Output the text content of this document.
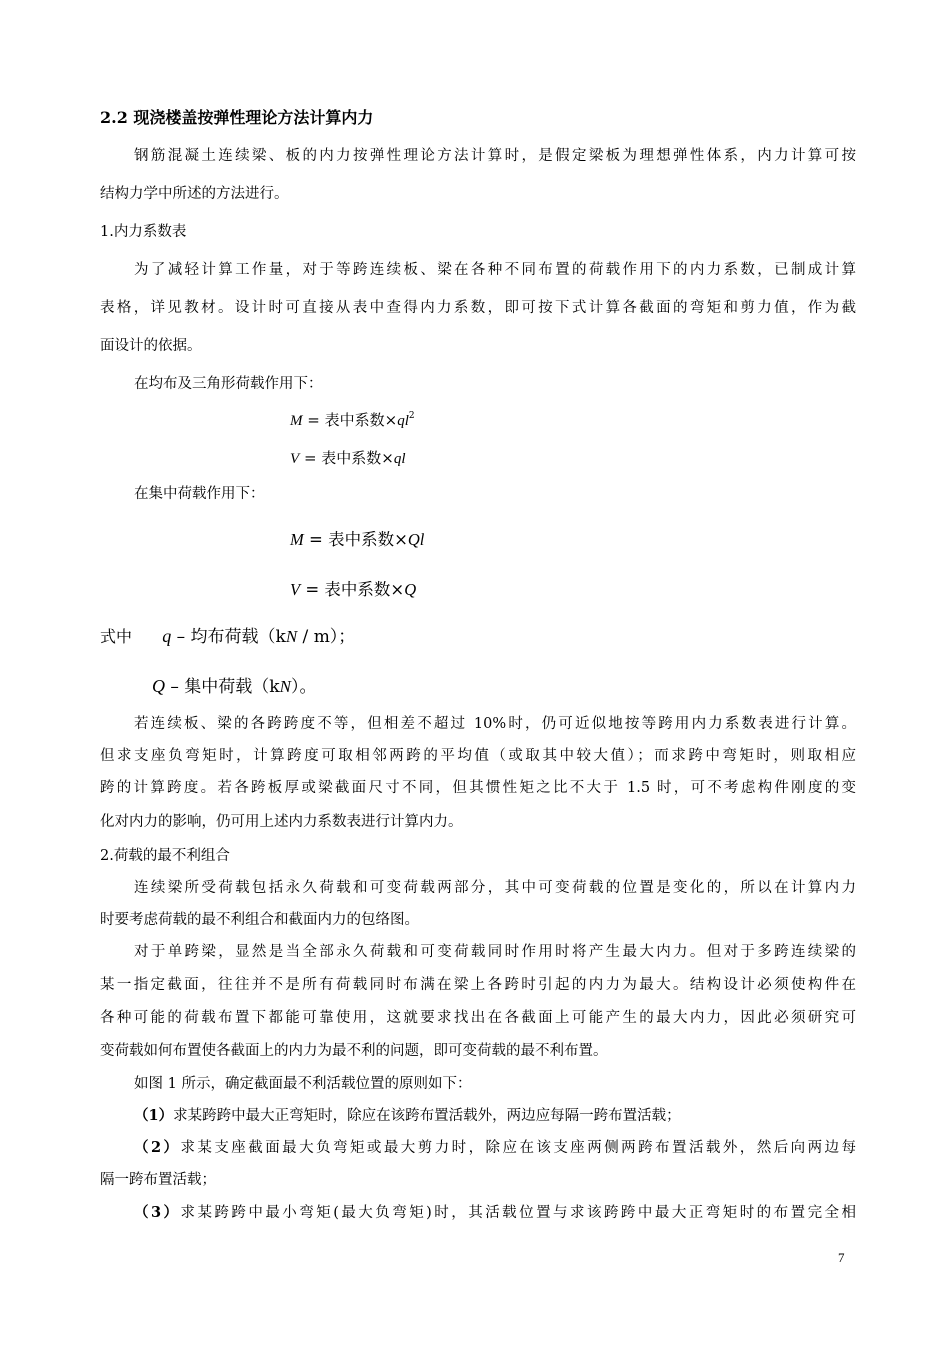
2.2 现浇楼盖按弹性理论方法计算内力
钢筋混凝土连续梁、板的内力按弹性理论方法计算时，是假定梁板为理想弹性体系，内力计算可按
结构力学中所述的方法进行。
1.内力系数表
为了减轻计算工作量，对于等跨连续板、梁在各种不同布置的荷载作用下的内力系数，已制成计算
表格，详见教材。设计时可直接从表中查得内力系数，即可按下式计算各截面的弯矩和剪力值，作为截
面设计的依据。
在均布及三角形荷载作用下：
M = 表中系数$\times ql^2$
V = 表中系数×ql
在集中荷载作用下：
M = 表中系数×Ql
V = 表中系数×Q
式中 q – 均布荷载（kN / m）；
Q – 集中荷载（kN）。
若连续板、梁的各跨跨度不等，但相差不超过 10%时，仍可近似地按等跨用内力系数表进行计算。
但求支座负弯矩时，计算跨度可取相邻两跨的平均值（或取其中较大值）；而求跨中弯矩时，则取相应
跨的计算跨度。若各跨板厚或梁截面尺寸不同，但其惯性矩之比不大于 1.5 时，可不考虑构件刚度的变
化对内力的影响，仍可用上述内力系数表进行计算内力。
2.荷载的最不利组合
连续梁所受荷载包括永久荷载和可变荷载两部分，其中可变荷载的位置是变化的，所以在计算内力
时要考虑荷载的最不利组合和截面内力的包络图。
对于单跨梁，显然是当全部永久荷载和可变荷载同时作用时将产生最大内力。但对于多跨连续梁的
某一指定截面，往往并不是所有荷载同时布满在梁上各跨时引起的内力为最大。结构设计必须使构件在
各种可能的荷载布置下都能可靠使用，这就要求找出在各截面上可能产生的最大内力，因此必须研究可
变荷载如何布置使各截面上的内力为最不利的问题，即可变荷载的最不利布置。
如图 1 所示，确定截面最不利活载位置的原则如下：
（1）求某跨跨中最大正弯矩时，除应在该跨布置活载外，两边应每隔一跨布置活载；
（2）求某支座截面最大负弯矩或最大剪力时，除应在该支座两侧两跨布置活载外，然后向两边每
隔一跨布置活载；
（3）求某跨跨中最小弯矩(最大负弯矩)时，其活载位置与求该跨跨中最大正弯矩时的布置完全相
7
